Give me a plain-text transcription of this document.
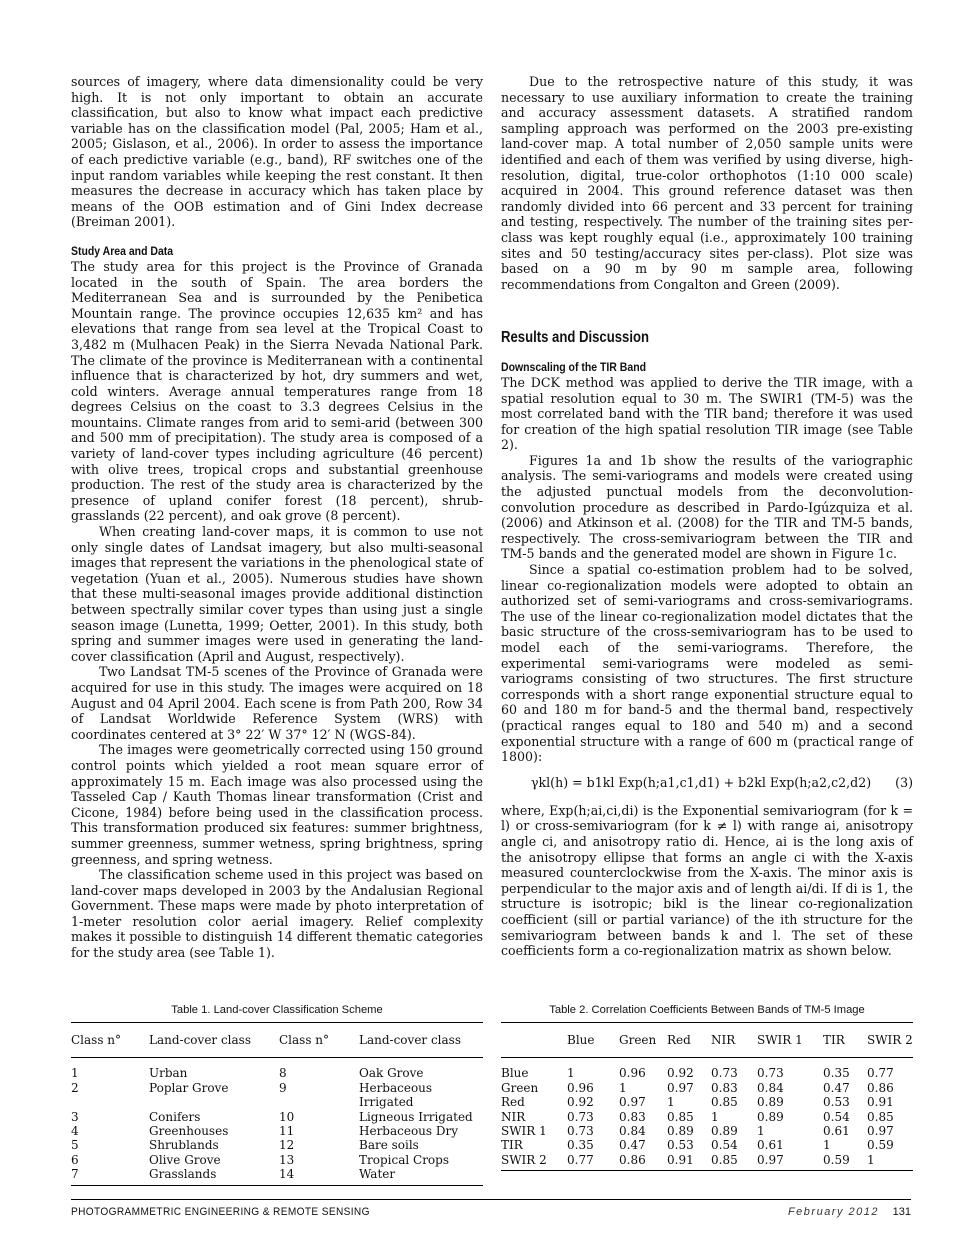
sources of imagery, where data dimensionality could be very high. It is not only important to obtain an accurate classification, but also to know what impact each predictive variable has on the classification model (Pal, 2005; Ham et al., 2005; Gislason, et al., 2006). In order to assess the importance of each predictive variable (e.g., band), RF switches one of the input random variables while keeping the rest constant. It then measures the decrease in accuracy which has taken place by means of the OOB estimation and of Gini Index decrease (Breiman 2001).

Study Area and Data

The study area for this project is the Province of Granada located in the south of Spain. The area borders the Mediterranean Sea and is surrounded by the Penibetica Mountain range. The province occupies 12,635 km² and has elevations that range from sea level at the Tropical Coast to 3,482 m (Mulhacen Peak) in the Sierra Nevada National Park. The climate of the province is Mediterranean with a continental influence that is characterized by hot, dry summers and wet, cold winters. Average annual temperatures range from 18 degrees Celsius on the coast to 3.3 degrees Celsius in the mountains. Climate ranges from arid to semi-arid (between 300 and 500 mm of precipitation). The study area is composed of a variety of land-cover types including agriculture (46 percent) with olive trees, tropical crops and substantial greenhouse production. The rest of the study area is characterized by the presence of upland conifer forest (18 percent), shrub-grasslands (22 percent), and oak grove (8 percent).

When creating land-cover maps, it is common to use not only single dates of Landsat imagery, but also multi-seasonal images that represent the variations in the phenological state of vegetation (Yuan et al., 2005). Numerous studies have shown that these multi-seasonal images provide additional distinction between spectrally similar cover types than using just a single season image (Lunetta, 1999; Oetter, 2001). In this study, both spring and summer images were used in generating the land-cover classification (April and August, respectively).

Two Landsat TM-5 scenes of the Province of Granada were acquired for use in this study. The images were acquired on 18 August and 04 April 2004. Each scene is from Path 200, Row 34 of Landsat Worldwide Reference System (WRS) with coordinates centered at 3° 22′ W 37° 12′ N (WGS-84).

The images were geometrically corrected using 150 ground control points which yielded a root mean square error of approximately 15 m. Each image was also processed using the Tasseled Cap / Kauth Thomas linear transformation (Crist and Cicone, 1984) before being used in the classification process. This transformation produced six features: summer brightness, summer greenness, summer wetness, spring brightness, spring greenness, and spring wetness.

The classification scheme used in this project was based on land-cover maps developed in 2003 by the Andalusian Regional Government. These maps were made by photo interpretation of 1-meter resolution color aerial imagery. Relief complexity makes it possible to distinguish 14 different thematic categories for the study area (see Table 1).

Due to the retrospective nature of this study, it was necessary to use auxiliary information to create the training and accuracy assessment datasets. A stratified random sampling approach was performed on the 2003 pre-existing land-cover map. A total number of 2,050 sample units were identified and each of them was verified by using diverse, high-resolution, digital, true-color orthophotos (1:10 000 scale) acquired in 2004. This ground reference dataset was then randomly divided into 66 percent and 33 percent for training and testing, respectively. The number of the training sites per-class was kept roughly equal (i.e., approximately 100 training sites and 50 testing/accuracy sites per-class). Plot size was based on a 90 m by 90 m sample area, following recommendations from Congalton and Green (2009).

Results and Discussion
Downscaling of the TIR Band

The DCK method was applied to derive the TIR image, with a spatial resolution equal to 30 m. The SWIR1 (TM-5) was the most correlated band with the TIR band; therefore it was used for creation of the high spatial resolution TIR image (see Table 2).

Figures 1a and 1b show the results of the variographic analysis. The semi-variograms and models were created using the adjusted punctual models from the deconvolution-convolution procedure as described in Pardo-Igúzquiza et al. (2006) and Atkinson et al. (2008) for the TIR and TM-5 bands, respectively. The cross-semivariogram between the TIR and TM-5 bands and the generated model are shown in Figure 1c.

Since a spatial co-estimation problem had to be solved, linear co-regionalization models were adopted to obtain an authorized set of semi-variograms and cross-semivariograms. The use of the linear co-regionalization model dictates that the basic structure of the cross-semivariogram has to be used to model each of the semi-variograms. Therefore, the experimental semi-variograms were modeled as semi-variograms consisting of two structures. The first structure corresponds with a short range exponential structure equal to 60 and 180 m for band-5 and the thermal band, respectively (practical ranges equal to 180 and 540 m) and a second exponential structure with a range of 600 m (practical range of 1800):

γkl(h) = b1kl Exp(h;a1,c1,d1) + b2kl Exp(h;a2,c2,d2) (3)

where, Exp(h;ai,ci,di) is the Exponential semivariogram (for k = l) or cross-semivariogram (for k ≠ l) with range ai, anisotropy angle ci, and anisotropy ratio di. Hence, ai is the long axis of the anisotropy ellipse that forms an angle ci with the X-axis measured counterclockwise from the X-axis. The minor axis is perpendicular to the major axis and of length ai/di. If di is 1, the structure is isotropic; bikl is the linear co-regionalization coefficient (sill or partial variance) of the ith structure for the semivariogram between bands k and l. The set of these coefficients form a co-regionalization matrix as shown below.

Table 1. Land-cover Classification Scheme
Class n°	Land-cover class	Class n°	Land-cover class
1	Urban	8	Oak Grove
2	Poplar Grove	9	Herbaceous Irrigated
3	Conifers	10	Ligneous Irrigated
4	Greenhouses	11	Herbaceous Dry
5	Shrublands	12	Bare soils
6	Olive Grove	13	Tropical Crops
7	Grasslands	14	Water
Table 2. Correlation Coefficients Between Bands of TM-5 Image
	Blue	Green	Red	NIR	SWIR 1	TIR	SWIR 2
Blue	1	0.96	0.92	0.73	0.73	0.35	0.77
Green	0.96	1	0.97	0.83	0.84	0.47	0.86
Red	0.92	0.97	1	0.85	0.89	0.53	0.91
NIR	0.73	0.83	0.85	1	0.89	0.54	0.85
SWIR 1	0.73	0.84	0.89	0.89	1	0.61	0.97
TIR	0.35	0.47	0.53	0.54	0.61	1	0.59
SWIR 2	0.77	0.86	0.91	0.85	0.97	0.59	1
PHOTOGRAMMETRIC ENGINEERING & REMOTE SENSING	February 2012 131
